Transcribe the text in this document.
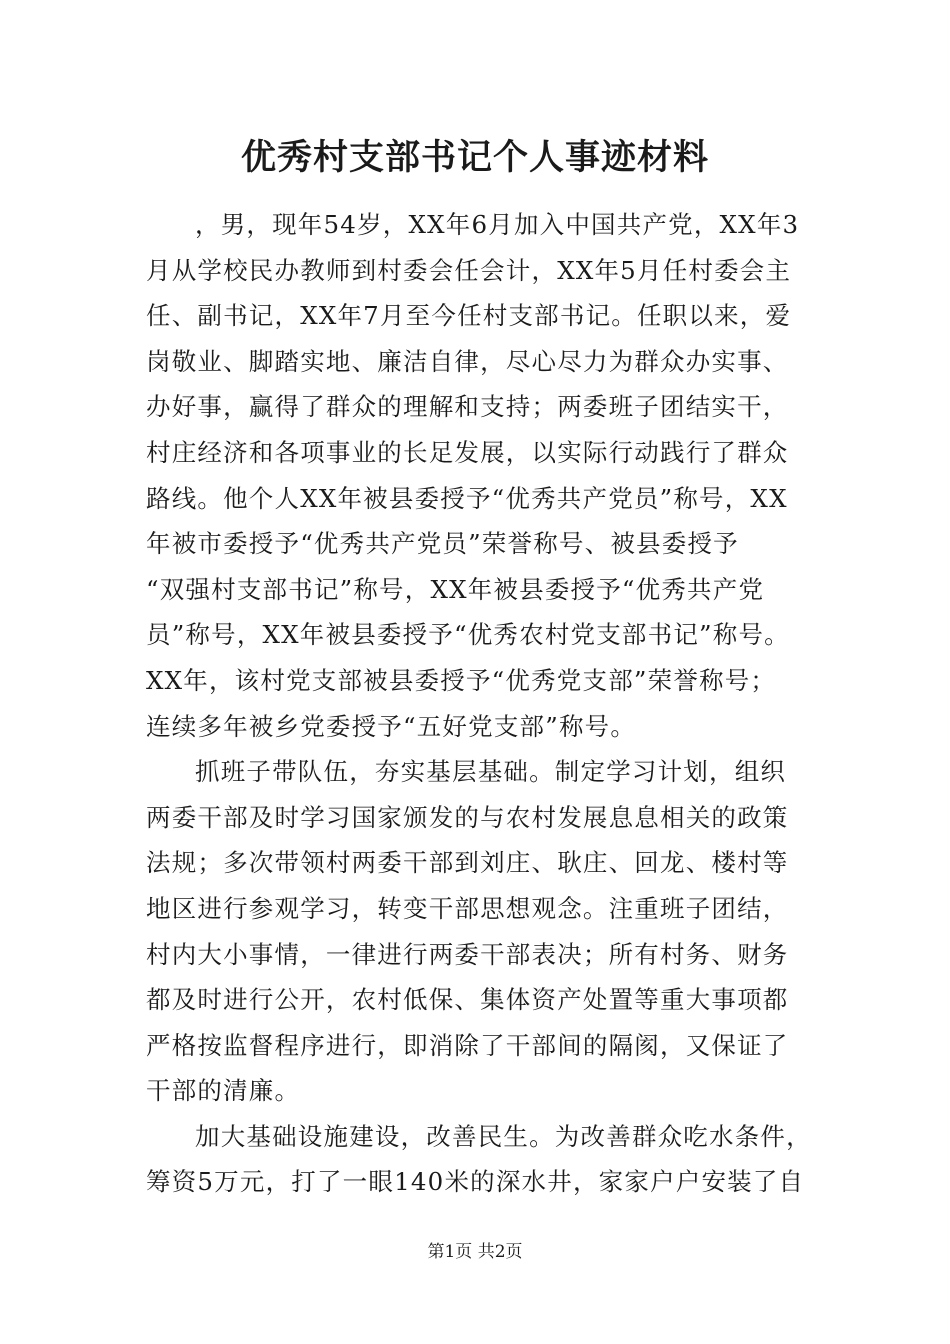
优秀村支部书记个人事迹材料
，男，现年54岁，XX年6月加入中国共产党，XX年3
月从学校民办教师到村委会任会计，XX年5月任村委会主
任、副书记，XX年7月至今任村支部书记。任职以来，爱
岗敬业、脚踏实地、廉洁自律，尽心尽力为群众办实事、
办好事，赢得了群众的理解和支持；两委班子团结实干，
村庄经济和各项事业的长足发展，以实际行动践行了群众
路线。他个人XX年被县委授予“优秀共产党员”称号，XX
年被市委授予“优秀共产党员”荣誉称号、被县委授予
“双强村支部书记”称号，XX年被县委授予“优秀共产党
员”称号，XX年被县委授予“优秀农村党支部书记”称号。
XX年，该村党支部被县委授予“优秀党支部”荣誉称号；
连续多年被乡党委授予“五好党支部”称号。
抓班子带队伍，夯实基层基础。制定学习计划，组织
两委干部及时学习国家颁发的与农村发展息息相关的政策
法规；多次带领村两委干部到刘庄、耿庄、回龙、楼村等
地区进行参观学习，转变干部思想观念。注重班子团结，
村内大小事情，一律进行两委干部表决；所有村务、财务
都及时进行公开，农村低保、集体资产处置等重大事项都
严格按监督程序进行，即消除了干部间的隔阂，又保证了
干部的清廉。
加大基础设施建设，改善民生。为改善群众吃水条件，
筹资5万元，打了一眼140米的深水井，家家户户安装了自
第1页 共2页
